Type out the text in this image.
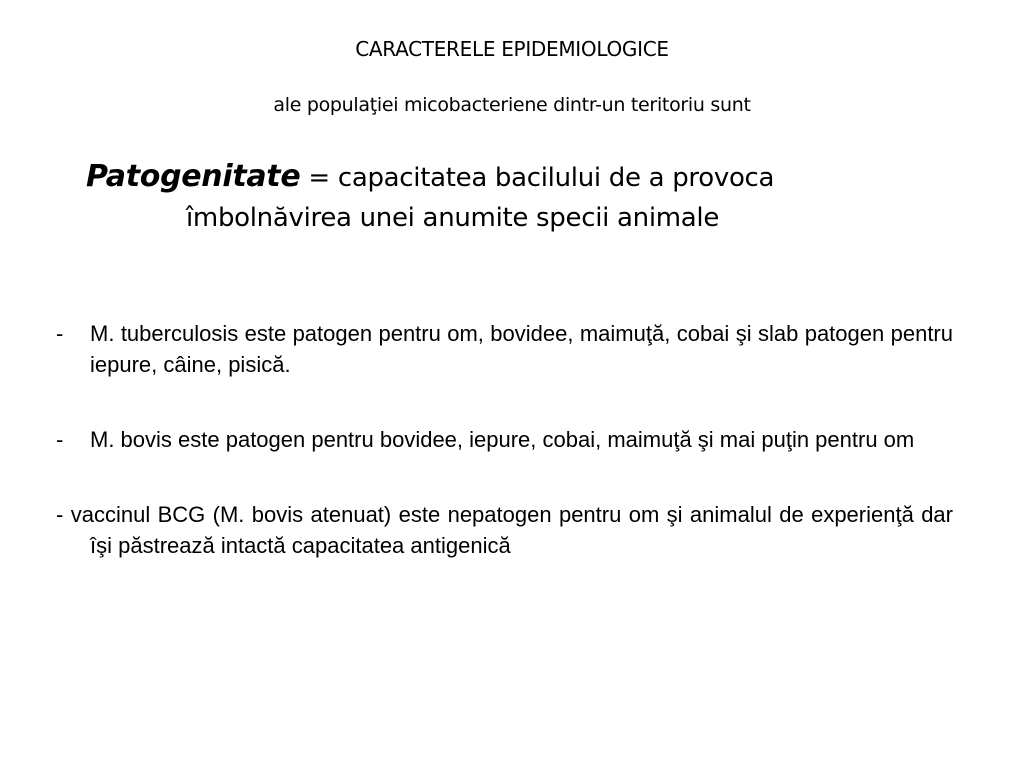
CARACTERELE EPIDEMIOLOGICE
ale populaţiei micobacteriene dintr-un teritoriu sunt
Patogenitate = capacitatea bacilului de a provoca
îmbolnăvirea unei anumite specii animale
- M. tuberculosis este patogen pentru om, bovidee, maimuţă, cobai şi slab patogen pentru iepure, câine, pisică.
- M. bovis este patogen pentru bovidee, iepure, cobai, maimuţă şi mai puţin pentru om
- vaccinul BCG (M. bovis atenuat) este nepatogen pentru om şi animalul de experienţă dar îşi păstrează intactă capacitatea antigenică
